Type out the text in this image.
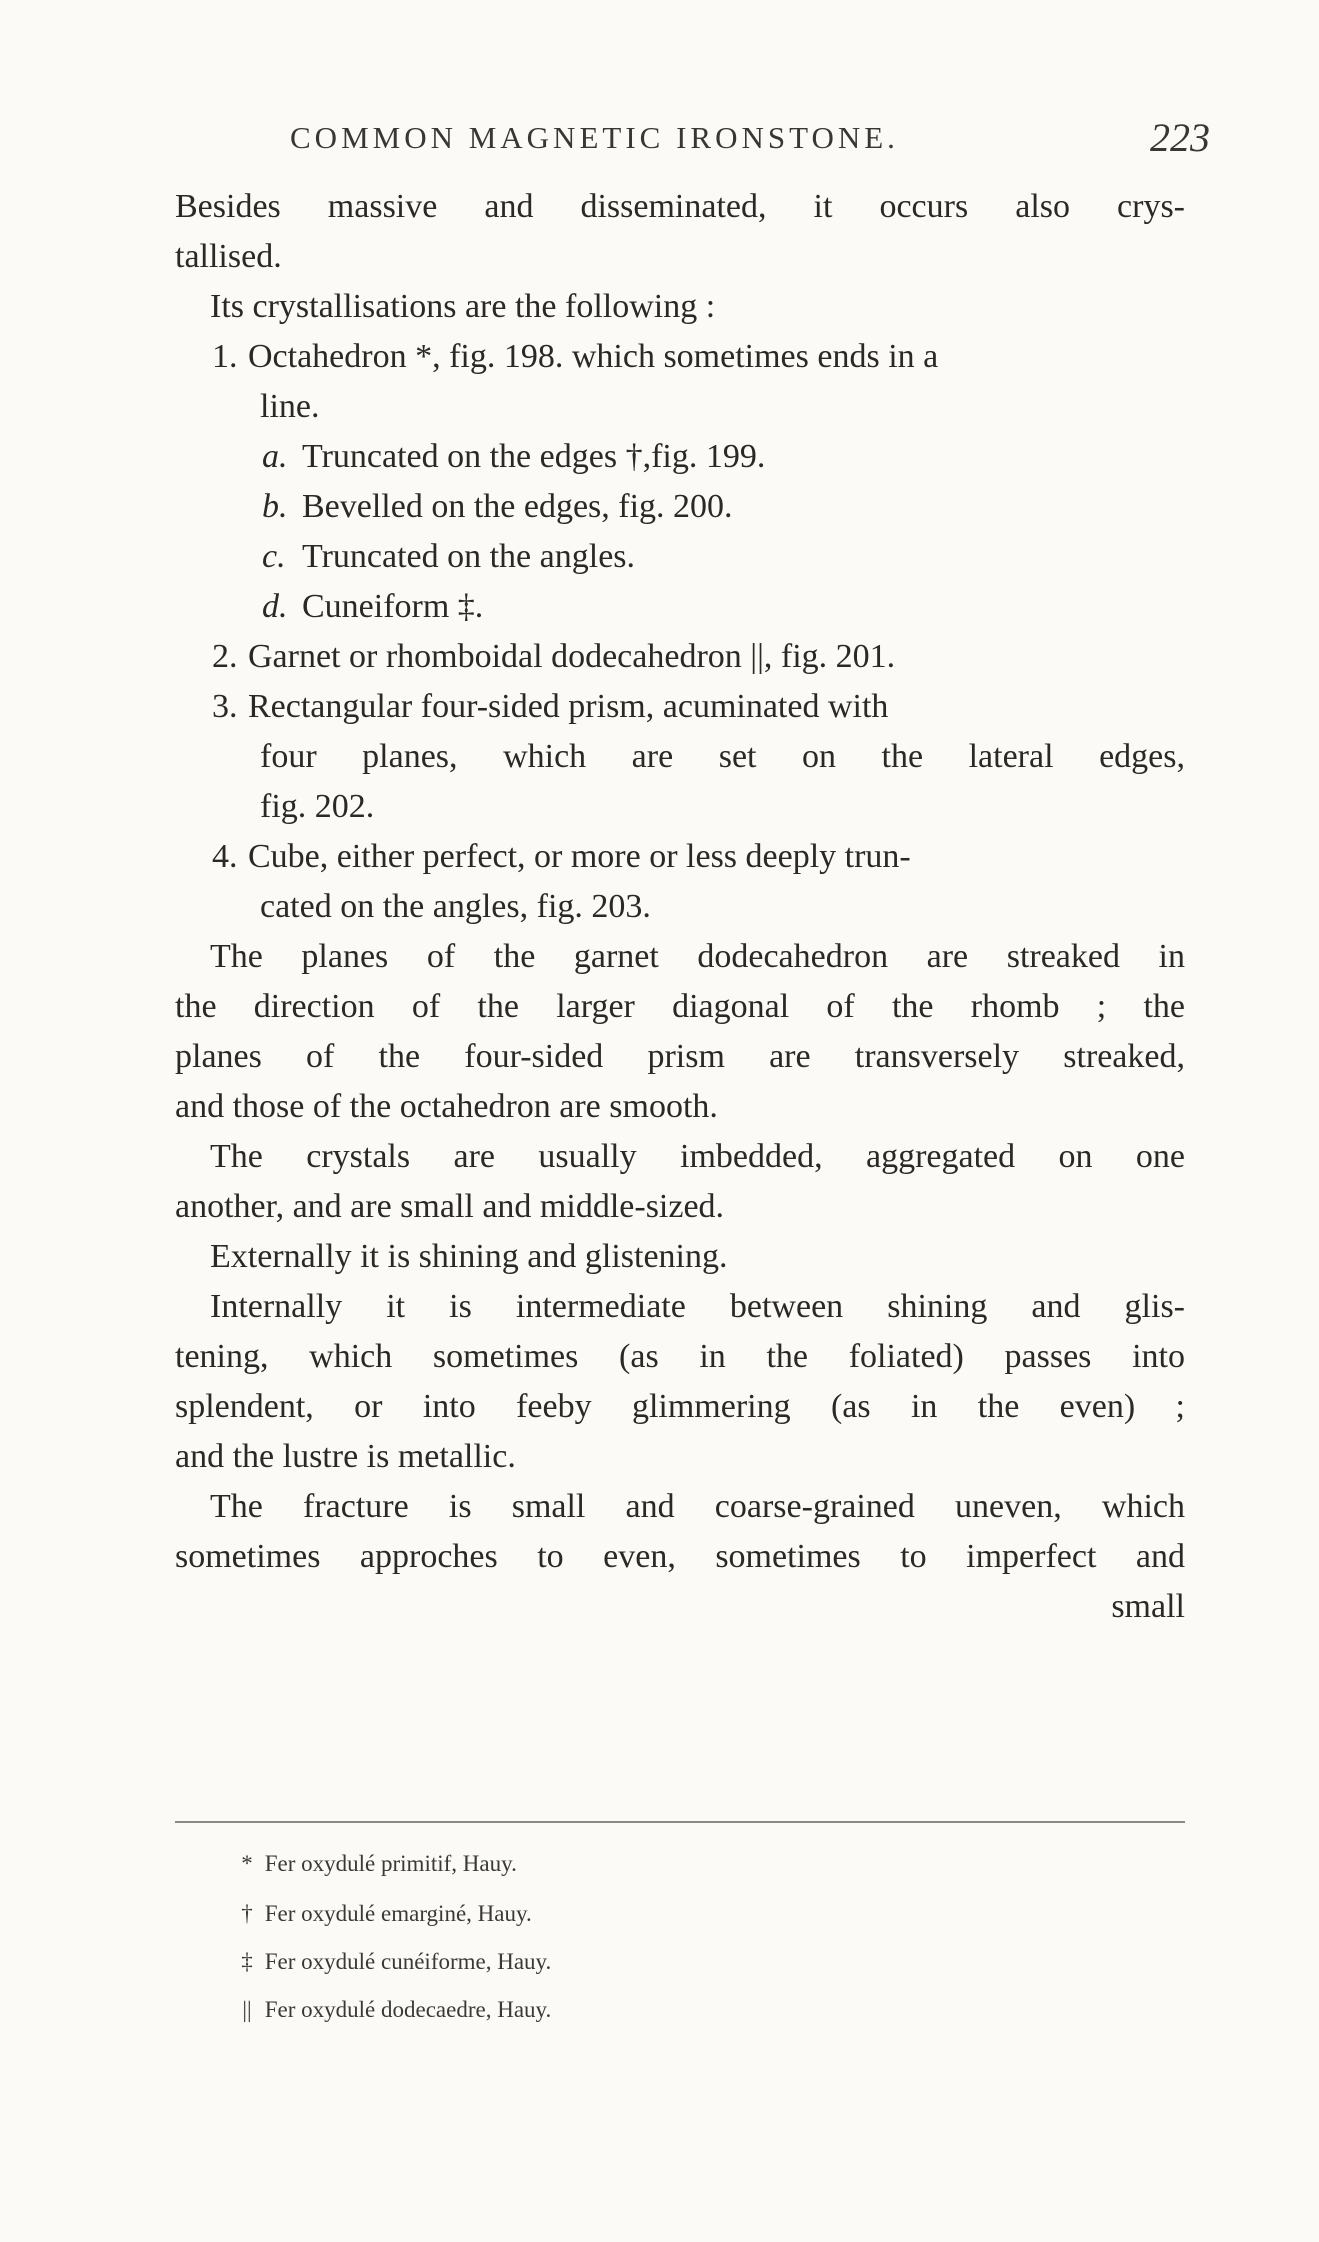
COMMON MAGNETIC IRONSTONE.	223
Besides massive and disseminated, it occurs also crys-
tallised.
Its crystallisations are the following :
1. Octahedron *, fig. 198. which sometimes ends in a
line.
a. Truncated on the edges †,fig. 199.
b. Bevelled on the edges, fig. 200.
c. Truncated on the angles.
d. Cuneiform ‡.
2. Garnet or rhomboidal dodecahedron ||, fig. 201.
3. Rectangular four-sided prism, acuminated with
four planes, which are set on the lateral edges,
fig. 202.
4. Cube, either perfect, or more or less deeply trun-
cated on the angles, fig. 203.
The planes of the garnet dodecahedron are streaked in
the direction of the larger diagonal of the rhomb ; the
planes of the four-sided prism are transversely streaked,
and those of the octahedron are smooth.
The crystals are usually imbedded, aggregated on one
another, and are small and middle-sized.
Externally it is shining and glistening.
Internally it is intermediate between shining and glis-
tening, which sometimes (as in the foliated) passes into
splendent, or into feeby glimmering (as in the even) ;
and the lustre is metallic.
The fracture is small and coarse-grained uneven, which
sometimes approches to even, sometimes to imperfect and
small
* Fer oxydulé primitif, Hauy.
† Fer oxydulé emarginé, Hauy.
‡ Fer oxydulé cunéiforme, Hauy.
|| Fer oxydulé dodecaedre, Hauy.
